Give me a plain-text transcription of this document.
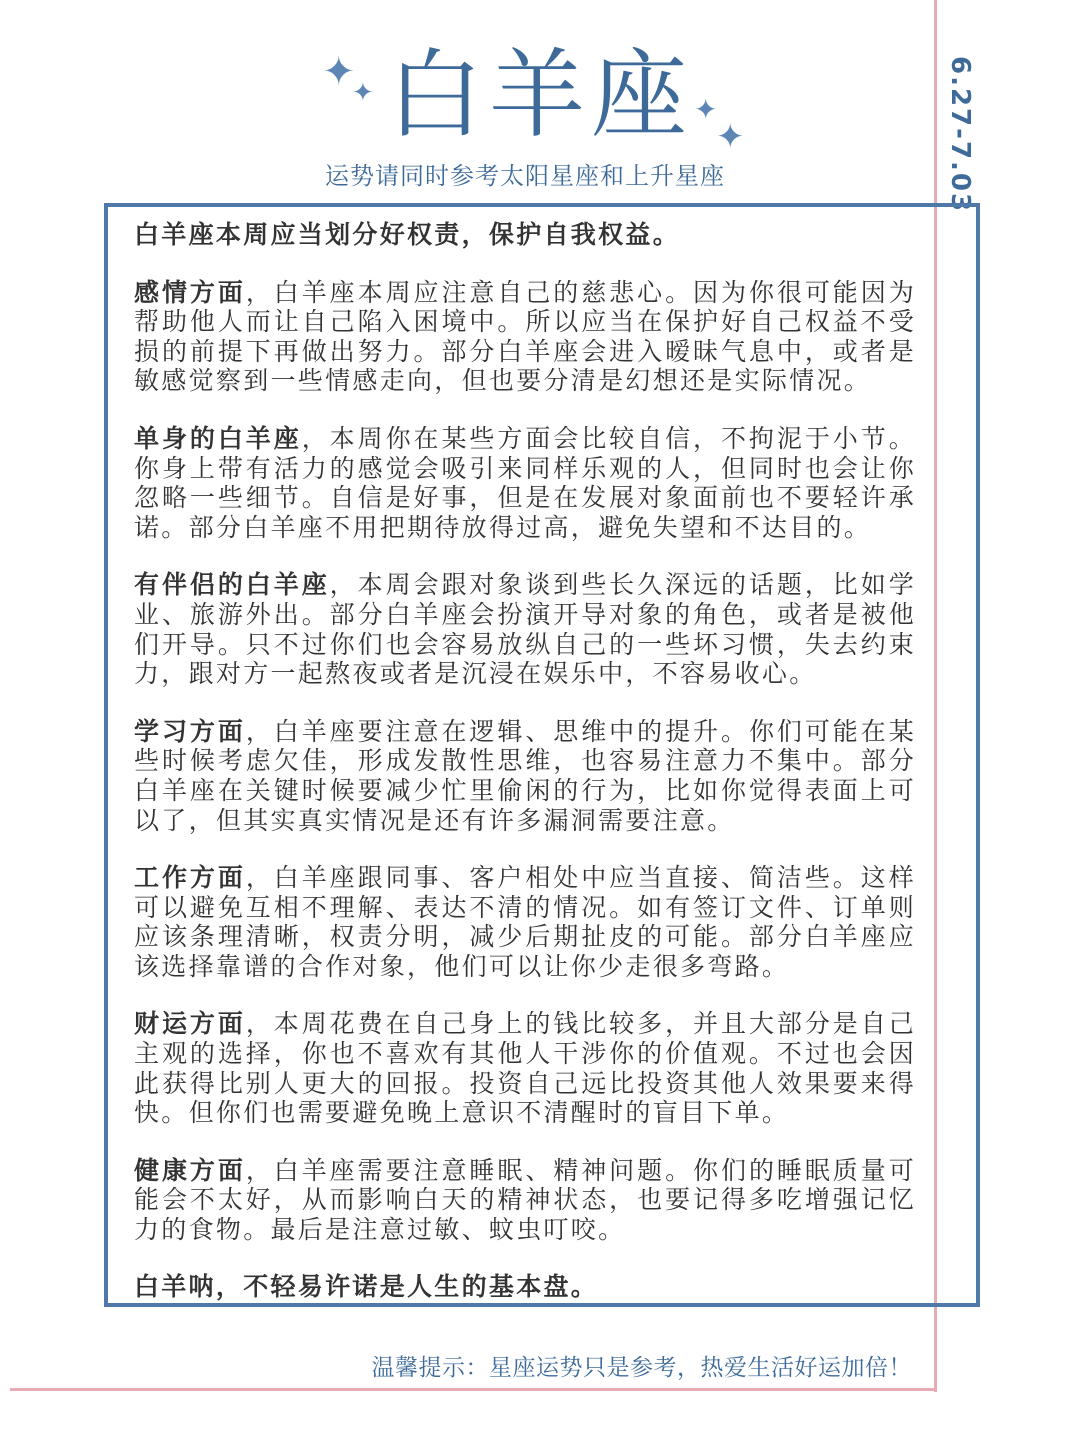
✦
✦	✦
✦
白羊座
运势请同时参考太阳星座和上升星座	6.27-7.03

白羊座本周应当划分好权责，保护自我权益。

感情方面，白羊座本周应注意自己的慈悲心。因为你很可能因为帮助他人而让自己陷入困境中。所以应当在保护好自己权益不受损的前提下再做出努力。部分白羊座会进入暧昧气息中，或者是敏感觉察到一些情感走向，但也要分清是幻想还是实际情况。

单身的白羊座，本周你在某些方面会比较自信，不拘泥于小节。你身上带有活力的感觉会吸引来同样乐观的人，但同时也会让你忽略一些细节。自信是好事，但是在发展对象面前也不要轻许承诺。部分白羊座不用把期待放得过高，避免失望和不达目的。

有伴侣的白羊座，本周会跟对象谈到些长久深远的话题，比如学业、旅游外出。部分白羊座会扮演开导对象的角色，或者是被他们开导。只不过你们也会容易放纵自己的一些坏习惯，失去约束力，跟对方一起熬夜或者是沉浸在娱乐中，不容易收心。

学习方面，白羊座要注意在逻辑、思维中的提升。你们可能在某些时候考虑欠佳，形成发散性思维，也容易注意力不集中。部分白羊座在关键时候要减少忙里偷闲的行为，比如你觉得表面上可以了，但其实真实情况是还有许多漏洞需要注意。

工作方面，白羊座跟同事、客户相处中应当直接、简洁些。这样可以避免互相不理解、表达不清的情况。如有签订文件、订单则应该条理清晰，权责分明，减少后期扯皮的可能。部分白羊座应该选择靠谱的合作对象，他们可以让你少走很多弯路。

财运方面，本周花费在自己身上的钱比较多，并且大部分是自己主观的选择，你也不喜欢有其他人干涉你的价值观。不过也会因此获得比别人更大的回报。投资自己远比投资其他人效果要来得快。但你们也需要避免晚上意识不清醒时的盲目下单。

健康方面，白羊座需要注意睡眠、精神问题。你们的睡眠质量可能会不太好，从而影响白天的精神状态，也要记得多吃增强记忆力的食物。最后是注意过敏、蚊虫叮咬。

白羊呐，不轻易许诺是人生的基本盘。

温馨提示：星座运势只是参考，热爱生活好运加倍！
